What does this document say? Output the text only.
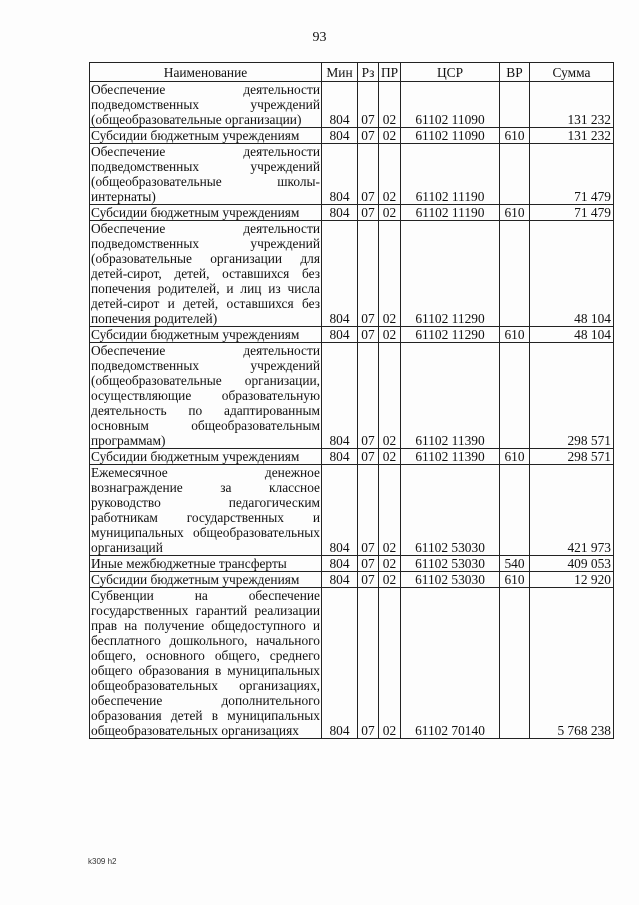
93
Наименование	Мин	Рз	ПР	ЦСР	ВР	Сумма
Обеспечение деятельности подведомственных учреждений (общеобразовательные организации)	804	07	02	61102 11090		131 232
Субсидии бюджетным учреждениям	804	07	02	61102 11090	610	131 232
Обеспечение деятельности подведомственных учреждений (общеобразовательные школы-интернаты)	804	07	02	61102 11190		71 479
Субсидии бюджетным учреждениям	804	07	02	61102 11190	610	71 479
Обеспечение деятельности подведомственных учреждений (образовательные организации для детей-сирот, детей, оставшихся без попечения родителей, и лиц из числа детей-сирот и детей, оставшихся без попечения родителей)	804	07	02	61102 11290		48 104
Субсидии бюджетным учреждениям	804	07	02	61102 11290	610	48 104
Обеспечение деятельности подведомственных учреждений (общеобразовательные организации, осуществляющие образовательную деятельность по адаптированным основным общеобразовательным программам)	804	07	02	61102 11390		298 571
Субсидии бюджетным учреждениям	804	07	02	61102 11390	610	298 571
Ежемесячное денежное вознаграждение за классное руководство педагогическим работникам государственных и муниципальных общеобразовательных организаций	804	07	02	61102 53030		421 973
Иные межбюджетные трансферты	804	07	02	61102 53030	540	409 053
Субсидии бюджетным учреждениям	804	07	02	61102 53030	610	12 920
Субвенции на обеспечение государственных гарантий реализации прав на получение общедоступного и бесплатного дошкольного, начального общего, основного общего, среднего общего образования в муниципальных общеобразовательных организациях, обеспечение дополнительного образования детей в муниципальных общеобразовательных организациях	804	07	02	61102 70140		5 768 238
k309 h2
